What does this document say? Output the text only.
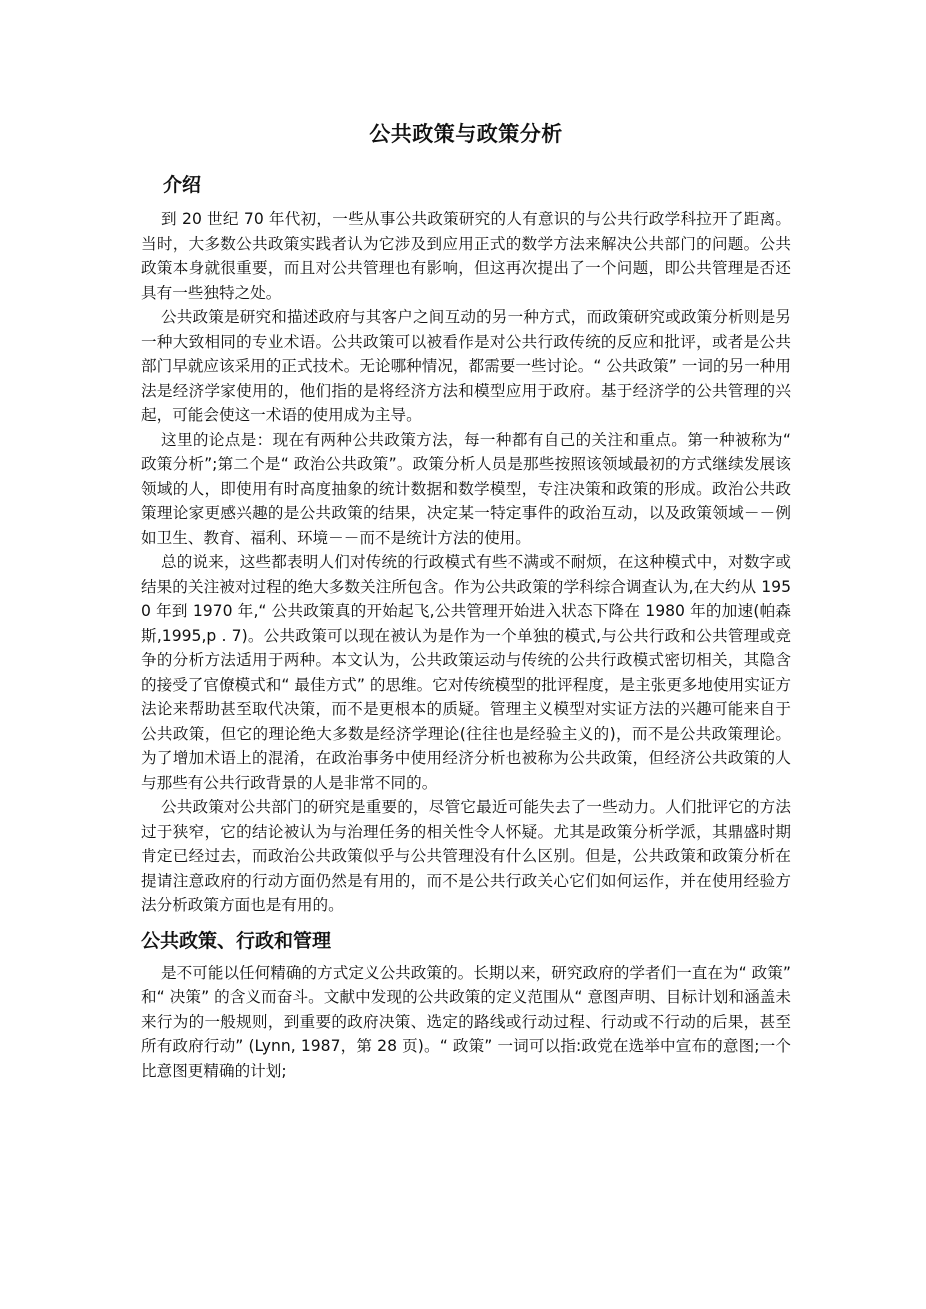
公共政策与政策分析
介绍

到 20 世纪 70 年代初，一些从事公共政策研究的人有意识的与公共行政学科拉开了距离。当时，大多数公共政策实践者认为它涉及到应用正式的数学方法来解决公共部门的问题。公共政策本身就很重要，而且对公共管理也有影响，但这再次提出了一个问题，即公共管理是否还具有一些独特之处。

公共政策是研究和描述政府与其客户之间互动的另一种方式，而政策研究或政策分析则是另一种大致相同的专业术语。公共政策可以被看作是对公共行政传统的反应和批评，或者是公共部门早就应该采用的正式技术。无论哪种情况，都需要一些讨论。“ 公共政策” 一词的另一种用法是经济学家使用的，他们指的是将经济方法和模型应用于政府。基于经济学的公共管理的兴起，可能会使这一术语的使用成为主导。

这里的论点是：现在有两种公共政策方法，每一种都有自己的关注和重点。第一种被称为“ 政策分析”;第二个是“ 政治公共政策”。政策分析人员是那些按照该领域最初的方式继续发展该领域的人，即使用有时高度抽象的统计数据和数学模型，专注决策和政策的形成。政治公共政策理论家更感兴趣的是公共政策的结果，决定某一特定事件的政治互动，以及政策领域－－例如卫生、教育、福利、环境－－而不是统计方法的使用。

总的说来，这些都表明人们对传统的行政模式有些不满或不耐烦，在这种模式中，对数字或结果的关注被对过程的绝大多数关注所包含。作为公共政策的学科综合调查认为,在大约从 1950 年到 1970 年,“ 公共政策真的开始起飞,公共管理开始进入状态下降在 1980 年的加速(帕森斯,1995,p . 7)。公共政策可以现在被认为是作为一个单独的模式,与公共行政和公共管理或竞争的分析方法适用于两种。本文认为，公共政策运动与传统的公共行政模式密切相关，其隐含的接受了官僚模式和“ 最佳方式” 的思维。它对传统模型的批评程度，是主张更多地使用实证方法论来帮助甚至取代决策，而不是更根本的质疑。管理主义模型对实证方法的兴趣可能来自于公共政策，但它的理论绝大多数是经济学理论(往往也是经验主义的)，而不是公共政策理论。为了增加术语上的混淆，在政治事务中使用经济分析也被称为公共政策，但经济公共政策的人与那些有公共行政背景的人是非常不同的。

公共政策对公共部门的研究是重要的，尽管它最近可能失去了一些动力。人们批评它的方法过于狭窄，它的结论被认为与治理任务的相关性令人怀疑。尤其是政策分析学派，其鼎盛时期肯定已经过去，而政治公共政策似乎与公共管理没有什么区别。但是，公共政策和政策分析在提请注意政府的行动方面仍然是有用的，而不是公共行政关心它们如何运作，并在使用经验方法分析政策方面也是有用的。

公共政策、行政和管理

是不可能以任何精确的方式定义公共政策的。长期以来，研究政府的学者们一直在为“ 政策” 和“ 决策” 的含义而奋斗。文献中发现的公共政策的定义范围从“ 意图声明、目标计划和涵盖未来行为的一般规则，到重要的政府决策、选定的路线或行动过程、行动或不行动的后果，甚至所有政府行动” (Lynn, 1987，第 28 页)。“ 政策” 一词可以指:政党在选举中宣布的意图;一个比意图更精确的计划;
